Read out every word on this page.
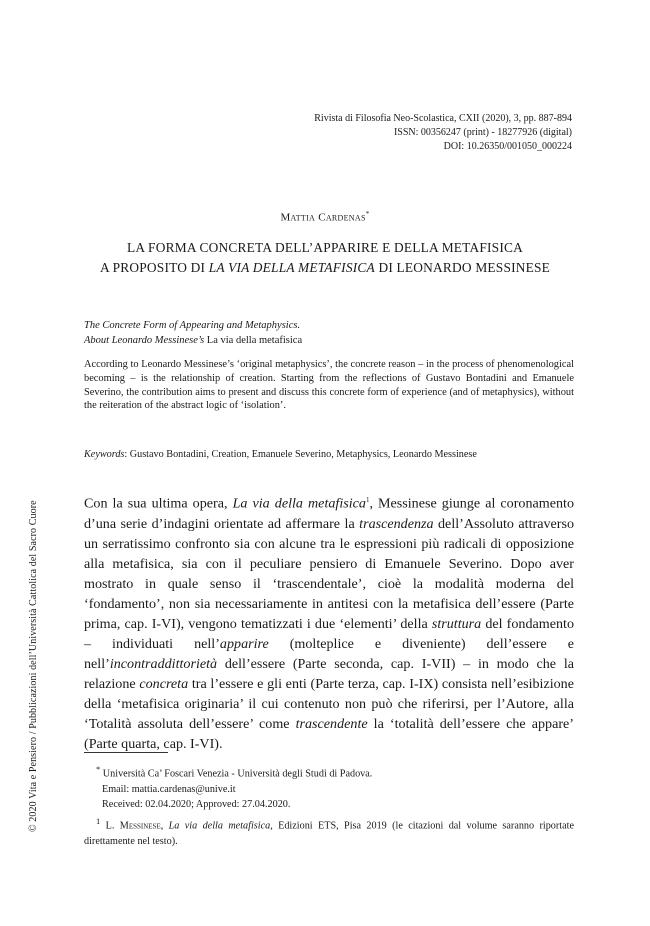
Rivista di Filosofia Neo-Scolastica, CXII (2020), 3, pp. 887-894
ISSN: 00356247 (print) - 18277926 (digital)
DOI: 10.26350/001050_000224
Mattia Cardenas*
LA FORMA CONCRETA DELL’APPARIRE E DELLA METAFISICA
A PROPOSITO DI LA VIA DELLA METAFISICA DI LEONARDO MESSINESE
The Concrete Form of Appearing and Metaphysics.
About Leonardo Messinese’s La via della metafisica
According to Leonardo Messinese’s ‘original metaphysics’, the concrete reason – in the process of phenomenological becoming – is the relationship of creation. Starting from the reflections of Gustavo Bontadini and Emanuele Severino, the contribution aims to present and discuss this concrete form of experience (and of metaphysics), without the reiteration of the abstract logic of ‘isolation’.
Keywords: Gustavo Bontadini, Creation, Emanuele Severino, Metaphysics, Leonardo Messinese
Con la sua ultima opera, La via della metafisica$^1$, Messinese giunge al coronamento d’una serie d’indagini orientate ad affermare la trascendenza dell’Assoluto attraverso un serratissimo confronto sia con alcune tra le espressioni più radicali di opposizione alla metafisica, sia con il peculiare pensiero di Emanuele Severino. Dopo aver mostrato in quale senso il ‘trascendentale’, cioè la modalità moderna del ‘fondamento’, non sia necessariamente in antitesi con la metafisica dell’essere (Parte prima, cap. I-VI), vengono tematizzati i due ‘elementi’ della struttura del fondamento – individuati nell’apparire (molteplice e diveniente) dell’essere e nell’incontraddittorietà dell’essere (Parte seconda, cap. I-VII) – in modo che la relazione concreta tra l’essere e gli enti (Parte terza, cap. I-IX) consista nell’esibizione della ‘metafisica originaria’ il cui contenuto non può che riferirsi, per l’Autore, alla ‘Totalità assoluta dell’essere’ come trascendente la ‘totalità dell’essere che appare’ (Parte quarta, cap. I-VI).
* Università Ca’ Foscari Venezia - Università degli Studi di Padova.
Email: mattia.cardenas@unive.it
Received: 02.04.2020; Approved: 27.04.2020.
$^1$ L. Messinese, La via della metafisica, Edizioni ETS, Pisa 2019 (le citazioni dal volume saranno riportate direttamente nel testo).
© 2020 Vita e Pensiero / Pubblicazioni dell’Università Cattolica del Sacro Cuore
